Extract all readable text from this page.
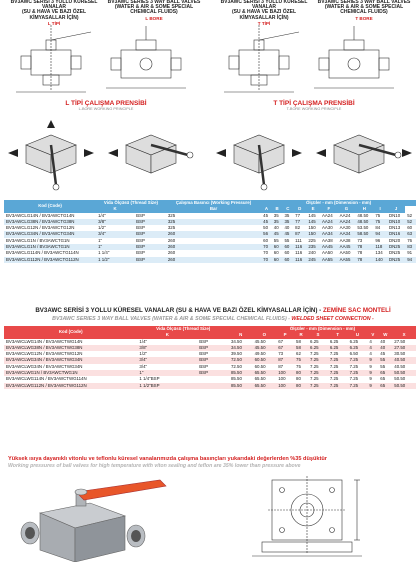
BV3AWC SERİSİ 3 YOLLU KÜRESEL VANALAR
(SU & HAVA VE BAZI ÖZEL KİMYASALLAR İÇİN)
L TİPİ
BV3AWC SERIES 3 WAY BALL VALVES
(WATER & AIR & SOME SPECIAL CHEMICAL FLUIDS)
L BORE
BV3AWC SERİSİ 3 YOLLU KÜRESEL VANALAR
(SU & HAVA VE BAZI ÖZEL KİMYASALLAR İÇİN)
T TİPİ
BV3AWC SERIES 3 WAY BALL VALVES
(WATER & AIR & SOME SPECIAL CHEMICAL FLUIDS)
T BORE
L TİPİ ÇALIŞMA PRENSİBİ
L-BORE WORKING PRINCIPLE
T TİPİ ÇALIŞMA PRENSİBİ
T-BORE WORKING PRINCIPLE
Kod (Code)	Vida Ölçüsü (Thread Size)		Çalışma Basıncı (Working Pressure)	Ölçüler - mm (Dimension - mm)										
	K		Bar	A	B	C	D	E	F	G	H	I	J	
BV3AWCLG14N / BV3AWCTG14N	1/4"	BSP	325	45	35	35	77	145	AA24	AA24	48.50	75	DN10	52
BV3AWCLG38N / BV3AWCTG38N	3/8"	BSP	325	45	35	35	77	145	AA24	AA24	48.50	75	DN10	52
BV3AWCLG12N / BV3AWCTG12N	1/2"	BSP	325	50	40	40	82	150	AA30	AA30	53.50	84	DN13	60
BV3AWCLG34N / BV3AWCTG34N	3/4"	BSP	260	56	45	45	87	150	AA34	AA34	58.50	94	DN16	63
BV3AWCLG1N / BV3AWCTG1N	1"	BSP	260	60	55	55	111	225	AA38	AA38	73	96	DN20	76
BV3AWCLG1N / BV3AWCTG1N	1"	BSP	260	70	60	60	116	235	AA45	AA45	78	118	DN25	83
BV3AWCLG114N / BV3AWCTG114N	1 1/4"	BSP	260	70	60	60	116	240	AA50	AA50	78	134	DN25	91
BV3AWCLG112N / BV3AWCTG112N	1 1/2"	BSP	260	70	60	60	116	245	AA55	AA55	78	140	DN25	94
BV3AWC SERİSİ 3 YOLLU KÜRESEL VANALAR (SU & HAVA VE BAZI ÖZEL KİMYASALLAR İÇİN) - ZEMİNE SAC MONTELİ
BV3AWC SERIES 3 WAY BALL VALVES (WATER & AIR & SOME SPECIAL CHEMICAL FLUIDS) - WELDED SHEET CONNECTION -
Kod (Code)	Vida Ölçüsü (Thread Size)		Ölçüler - mm (Dimension - mm)									
	K		N	O	P	R	S	T	U	V	W	X
BV3AWCLWG14N / BV3AWCTWG14N	1/4"	BSP	34.50	45.50	67	58	6.25	6.25	6.25	4	40	27.50
BV3AWCLWG38N / BV3AWCTWG38N	3/8"	BSP	34.50	45.50	67	58	6.25	6.25	6.25	4	40	27.50
BV3AWCLWG12N / BV3AWCTWG12N	1/2"	BSP	39.50	49.50	73	62	7.25	7.25	6.50	4	45	30.50
BV3AWCLWG34N / BV3AWCTWG34N	3/4"	BSP	72.50	60.50	87	75	7.25	7.25	7.25	9	55	40.50
BV3AWCLWG34N / BV3AWCTWG34N	3/4"	BSP	72.50	60.50	87	75	7.25	7.25	7.25	9	55	40.50
BV3AWCLWG1N / BV3AWCTWG1N	1"	BSP	85.50	65.50	100	80	7.25	7.25	7.25	9	65	50.50
BV3AWCLWG114N / BV3AWCTWG114N	1 1/4"BSP		85.50	65.50	100	80	7.25	7.25	7.25	9	65	50.50
BV3AWCLWG112N / BV3AWCTWG112N	1 1/2"BSP		85.50	65.50	100	80	7.25	7.25	7.25	9	65	50.50
Yüksek ısıya dayanıklı vitonlu ve teflonlu küresel vanalarımızda çalışma basınçları yukarıdaki değerlerden %35 düşüktür
Working pressures of ball valves for high temperature with viton sealing and teflon are 35% lower than pressure above
